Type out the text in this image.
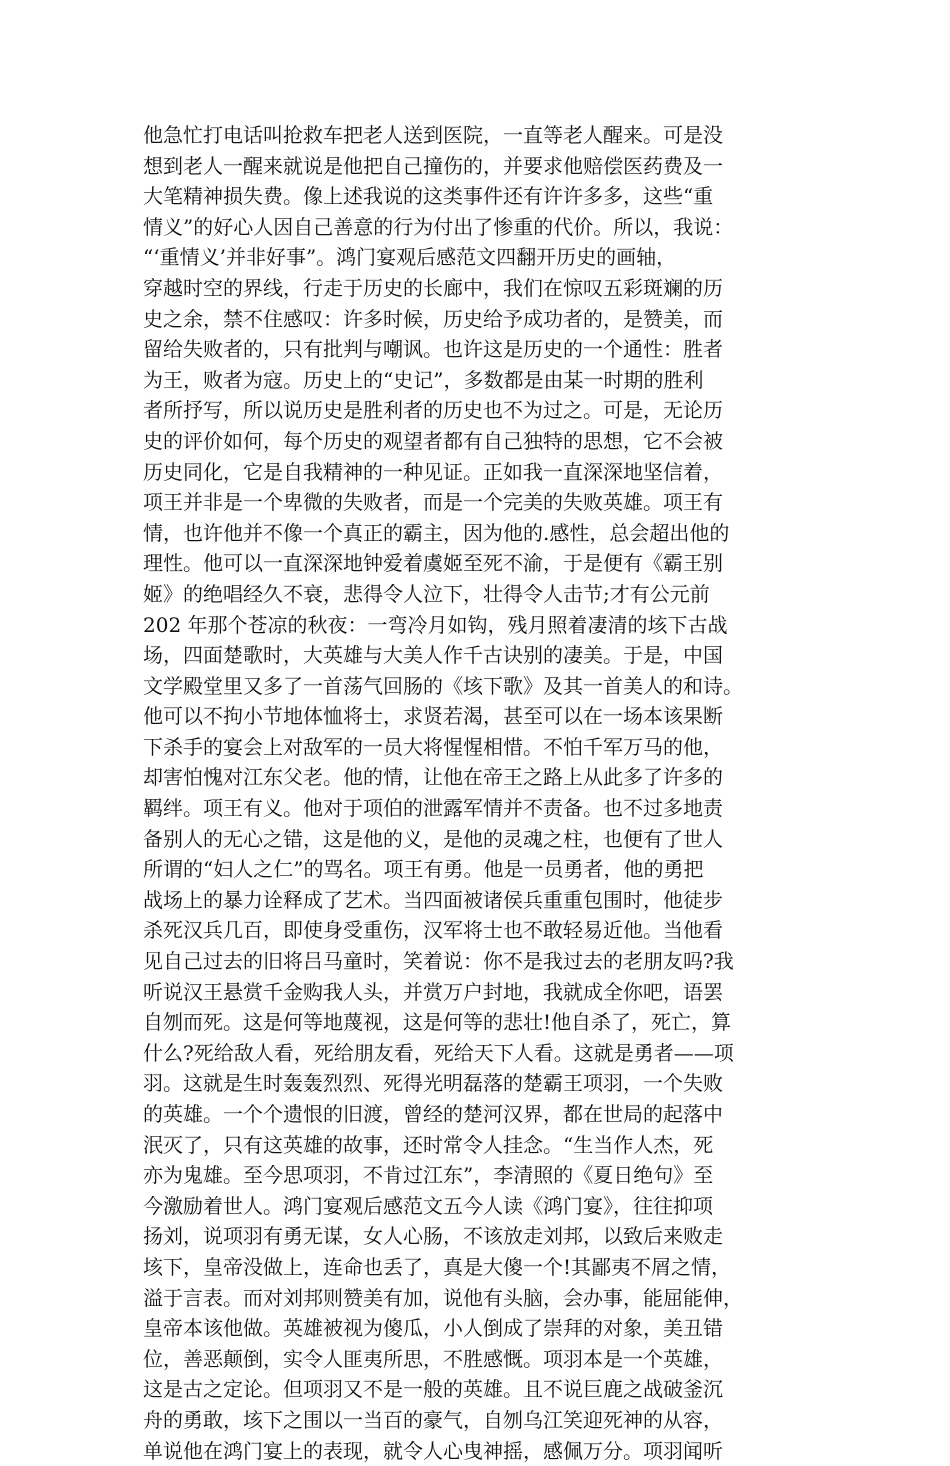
他急忙打电话叫抢救车把老人送到医院，一直等老人醒来。可是没
想到老人一醒来就说是他把自己撞伤的，并要求他赔偿医药费及一
大笔精神损失费。像上述我说的这类事件还有许许多多，这些“重
情义”的好心人因自己善意的行为付出了惨重的代价。所以，我说：
“‘重情义’并非好事”。鸿门宴观后感范文四翻开历史的画轴，
穿越时空的界线，行走于历史的长廊中，我们在惊叹五彩斑斓的历
史之余，禁不住感叹：许多时候，历史给予成功者的，是赞美，而
留给失败者的，只有批判与嘲讽。也许这是历史的一个通性：胜者
为王，败者为寇。历史上的“史记”，多数都是由某一时期的胜利
者所抒写，所以说历史是胜利者的历史也不为过之。可是，无论历
史的评价如何，每个历史的观望者都有自己独特的思想，它不会被
历史同化，它是自我精神的一种见证。正如我一直深深地坚信着，
项王并非是一个卑微的失败者，而是一个完美的失败英雄。项王有
情，也许他并不像一个真正的霸主，因为他的.感性，总会超出他的
理性。他可以一直深深地钟爱着虞姬至死不渝，于是便有《霸王别
姬》的绝唱经久不衰，悲得令人泣下，壮得令人击节;才有公元前
202 年那个苍凉的秋夜：一弯冷月如钩，残月照着凄清的垓下古战
场，四面楚歌时，大英雄与大美人作千古诀别的凄美。于是，中国
文学殿堂里又多了一首荡气回肠的《垓下歌》及其一首美人的和诗。
他可以不拘小节地体恤将士，求贤若渴，甚至可以在一场本该果断
下杀手的宴会上对敌军的一员大将惺惺相惜。不怕千军万马的他，
却害怕愧对江东父老。他的情，让他在帝王之路上从此多了许多的
羁绊。项王有义。他对于项伯的泄露军情并不责备。也不过多地责
备别人的无心之错，这是他的义，是他的灵魂之柱，也便有了世人
所谓的“妇人之仁”的骂名。项王有勇。他是一员勇者，他的勇把
战场上的暴力诠释成了艺术。当四面被诸侯兵重重包围时，他徒步
杀死汉兵几百，即使身受重伤，汉军将士也不敢轻易近他。当他看
见自己过去的旧将吕马童时，笑着说：你不是我过去的老朋友吗?我
听说汉王悬赏千金购我人头，并赏万户封地，我就成全你吧，语罢
自刎而死。这是何等地蔑视，这是何等的悲壮!他自杀了，死亡，算
什么?死给敌人看，死给朋友看，死给天下人看。这就是勇者——项
羽。这就是生时轰轰烈烈、死得光明磊落的楚霸王项羽，一个失败
的英雄。一个个遗恨的旧渡，曾经的楚河汉界，都在世局的起落中
泯灭了，只有这英雄的故事，还时常令人挂念。“生当作人杰，死
亦为鬼雄。至今思项羽，不肯过江东”，李清照的《夏日绝句》至
今激励着世人。鸿门宴观后感范文五今人读《鸿门宴》，往往抑项
扬刘，说项羽有勇无谋，女人心肠，不该放走刘邦，以致后来败走
垓下，皇帝没做上，连命也丢了，真是大傻一个!其鄙夷不屑之情，
溢于言表。而对刘邦则赞美有加，说他有头脑，会办事，能屈能伸，
皇帝本该他做。英雄被视为傻瓜，小人倒成了崇拜的对象，美丑错
位，善恶颠倒，实令人匪夷所思，不胜感慨。项羽本是一个英雄，
这是古之定论。但项羽又不是一般的英雄。且不说巨鹿之战破釜沉
舟的勇敢，垓下之围以一当百的豪气，自刎乌江笑迎死神的从容，
单说他在鸿门宴上的表现，就令人心曳神摇，感佩万分。项羽闻听
